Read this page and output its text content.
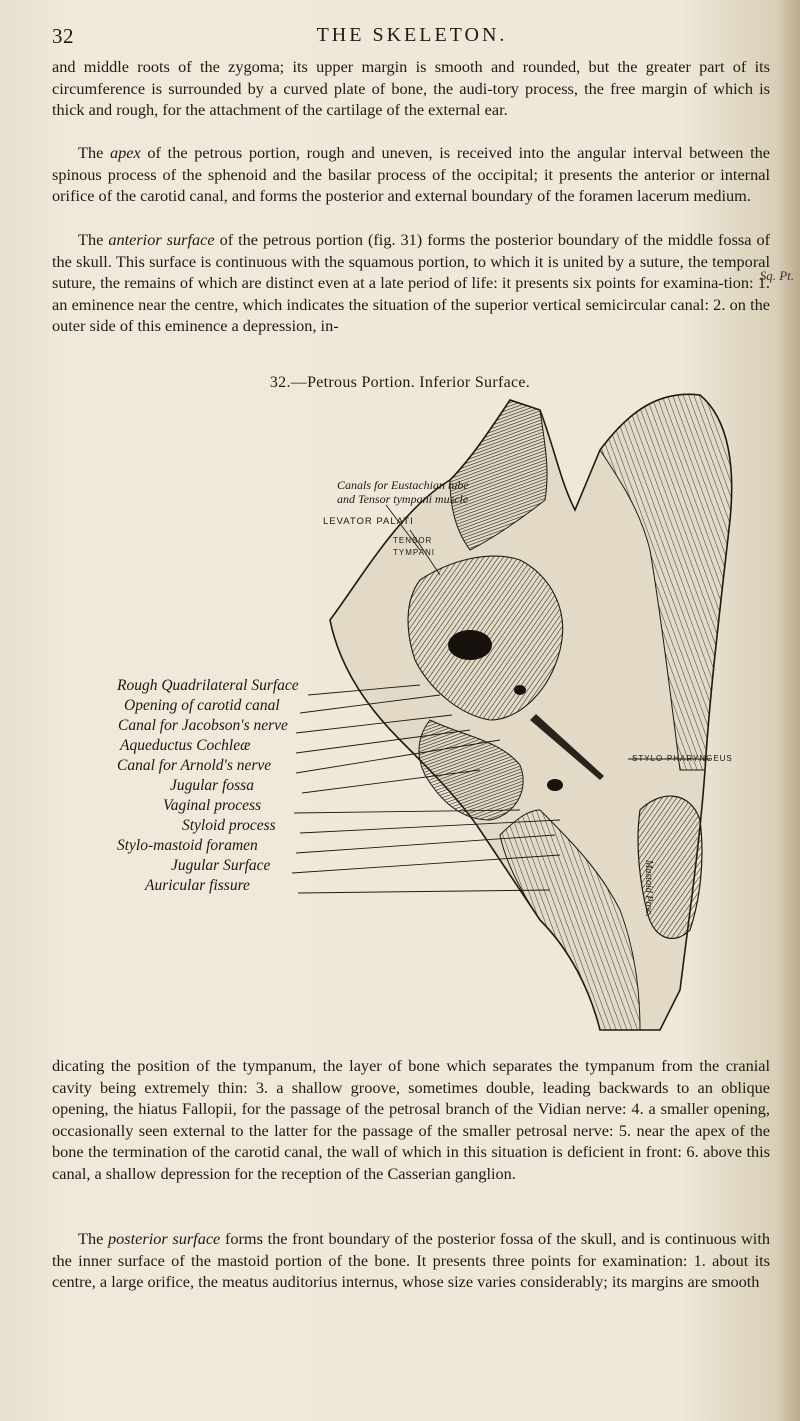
32	THE SKELETON.

and middle roots of the zygoma; its upper margin is smooth and rounded, but the greater part of its circumference is surrounded by a curved plate of bone, the audi-tory process, the free margin of which is thick and rough, for the attachment of the cartilage of the external ear.

The apex of the petrous portion, rough and uneven, is received into the angular interval between the spinous process of the sphenoid and the basilar process of the occipital; it presents the anterior or internal orifice of the carotid canal, and forms the posterior and external boundary of the foramen lacerum medium.

The anterior surface of the petrous portion (fig. 31) forms the posterior boundary of the middle fossa of the skull. This surface is continuous with the squamous portion, to which it is united by a suture, the temporal suture, the remains of which are distinct even at a late period of life: it presents six points for examina-tion: 1. an eminence near the centre, which indicates the situation of the superior vertical semicircular canal: 2. on the outer side of this eminence a depression, in-

Sq. Pt.
32.—Petrous Portion. Inferior Surface.
Canals for Eustachian tube
and Tensor tympani muscle
LEVATOR PALATI
TENSOR
TYMPANI
Rough Quadrilateral Surface
Opening of carotid canal
Canal for Jacobson's nerve
Aqueductus Cochleæ
Canal for Arnold's nerve
Jugular fossa
Vaginal process
Styloid process
Stylo-mastoid foramen
Jugular Surface
Auricular fissure
STYLO-PHARYNGEUS
Mastoid Proc.

dicating the position of the tympanum, the layer of bone which separates the tympanum from the cranial cavity being extremely thin: 3. a shallow groove, sometimes double, leading backwards to an oblique opening, the hiatus Fallopii, for the passage of the petrosal branch of the Vidian nerve: 4. a smaller opening, occasionally seen external to the latter for the passage of the smaller petrosal nerve: 5. near the apex of the bone the termination of the carotid canal, the wall of which in this situation is deficient in front: 6. above this canal, a shallow depression for the reception of the Casserian ganglion.

The posterior surface forms the front boundary of the posterior fossa of the skull, and is continuous with the inner surface of the mastoid portion of the bone. It presents three points for examination: 1. about its centre, a large orifice, the meatus auditorius internus, whose size varies considerably; its margins are smooth
